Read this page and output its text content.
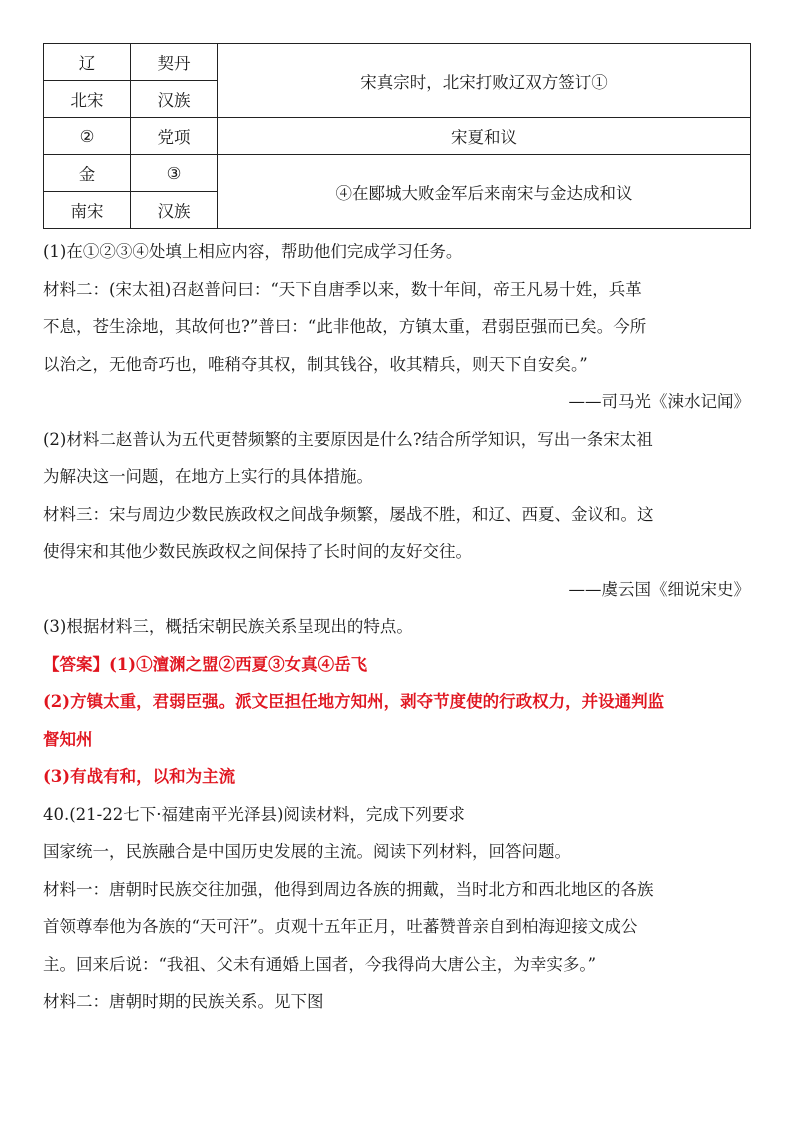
辽	契丹	宋真宗时，北宋打败辽双方签订①
北宋	汉族	
②	党项	宋夏和议
金	③	④在郾城大败金军后来南宋与金达成和议
南宋	汉族	

(1)在①②③④处填上相应内容，帮助他们完成学习任务。

材料二：(宋太祖)召赵普问曰：“天下自唐季以来，数十年间，帝王凡易十姓，兵革

不息，苍生涂地，其故何也?”普曰：“此非他故，方镇太重，君弱臣强而已矣。今所

以治之，无他奇巧也，唯稍夺其权，制其钱谷，收其精兵，则天下自安矣。”

——司马光《涑水记闻》

(2)材料二赵普认为五代更替频繁的主要原因是什么?结合所学知识，写出一条宋太祖

为解决这一问题，在地方上实行的具体措施。

材料三：宋与周边少数民族政权之间战争频繁，屡战不胜，和辽、西夏、金议和。这

使得宋和其他少数民族政权之间保持了长时间的友好交往。

——虞云国《细说宋史》

(3)根据材料三，概括宋朝民族关系呈现出的特点。

【答案】(1)①澶渊之盟②西夏③女真④岳飞

(2)方镇太重，君弱臣强。派文臣担任地方知州，剥夺节度使的行政权力，并设通判监

督知州

(3)有战有和，以和为主流

40.(21-22七下·福建南平光泽县)阅读材料，完成下列要求

国家统一，民族融合是中国历史发展的主流。阅读下列材料，回答问题。

材料一：唐朝时民族交往加强，他得到周边各族的拥戴，当时北方和西北地区的各族

首领尊奉他为各族的“天可汗”。贞观十五年正月，吐蕃赞普亲自到柏海迎接文成公

主。回来后说：“我祖、父未有通婚上国者，今我得尚大唐公主，为幸实多。”

材料二：唐朝时期的民族关系。见下图
